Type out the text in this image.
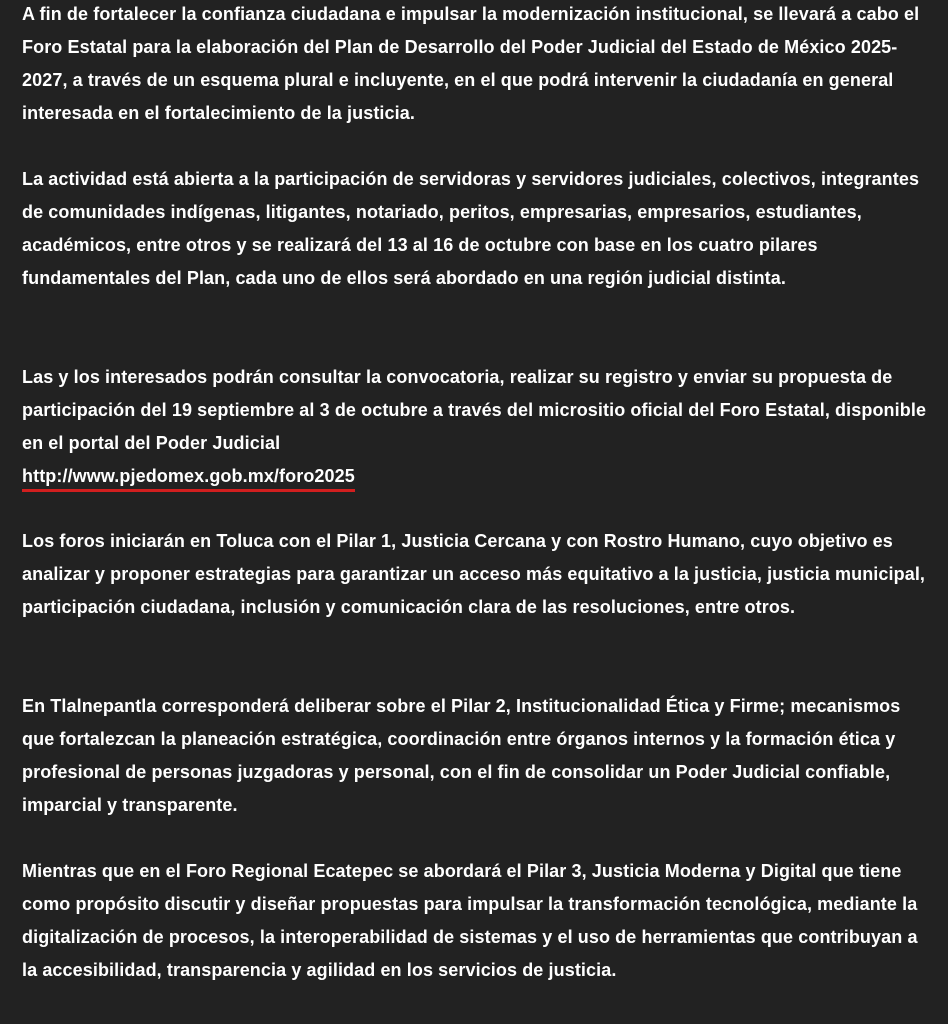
A fin de fortalecer la confianza ciudadana e impulsar la modernización institucional, se llevará a cabo el Foro Estatal para la elaboración del Plan de Desarrollo del Poder Judicial del Estado de México 2025-2027, a través de un esquema plural e incluyente, en el que podrá intervenir la ciudadanía en general interesada en el fortalecimiento de la justicia.

La actividad está abierta a la participación de servidoras y servidores judiciales, colectivos, integrantes de comunidades indígenas, litigantes, notariado, peritos, empresarias, empresarios, estudiantes, académicos, entre otros y se realizará del 13 al 16 de octubre con base en los cuatro pilares fundamentales del Plan, cada uno de ellos será abordado en una región judicial distinta.

Las y los interesados podrán consultar la convocatoria, realizar su registro y enviar su propuesta de participación del 19 septiembre al 3 de octubre a través del micrositio oficial del Foro Estatal, disponible en el portal del Poder Judicial
http://www.pjedomex.gob.mx/foro2025

Los foros iniciarán en Toluca con el Pilar 1, Justicia Cercana y con Rostro Humano, cuyo objetivo es analizar y proponer estrategias para garantizar un acceso más equitativo a la justicia, justicia municipal, participación ciudadana, inclusión y comunicación clara de las resoluciones, entre otros.

En Tlalnepantla corresponderá deliberar sobre el Pilar 2, Institucionalidad Ética y Firme; mecanismos que fortalezcan la planeación estratégica, coordinación entre órganos internos y la formación ética y profesional de personas juzgadoras y personal, con el fin de consolidar un Poder Judicial confiable, imparcial y transparente.

Mientras que en el Foro Regional Ecatepec se abordará el Pilar 3, Justicia Moderna y Digital que tiene como propósito discutir y diseñar propuestas para impulsar la transformación tecnológica, mediante la digitalización de procesos, la interoperabilidad de sistemas y el uso de herramientas que contribuyan a la accesibilidad, transparencia y agilidad en los servicios de justicia.
